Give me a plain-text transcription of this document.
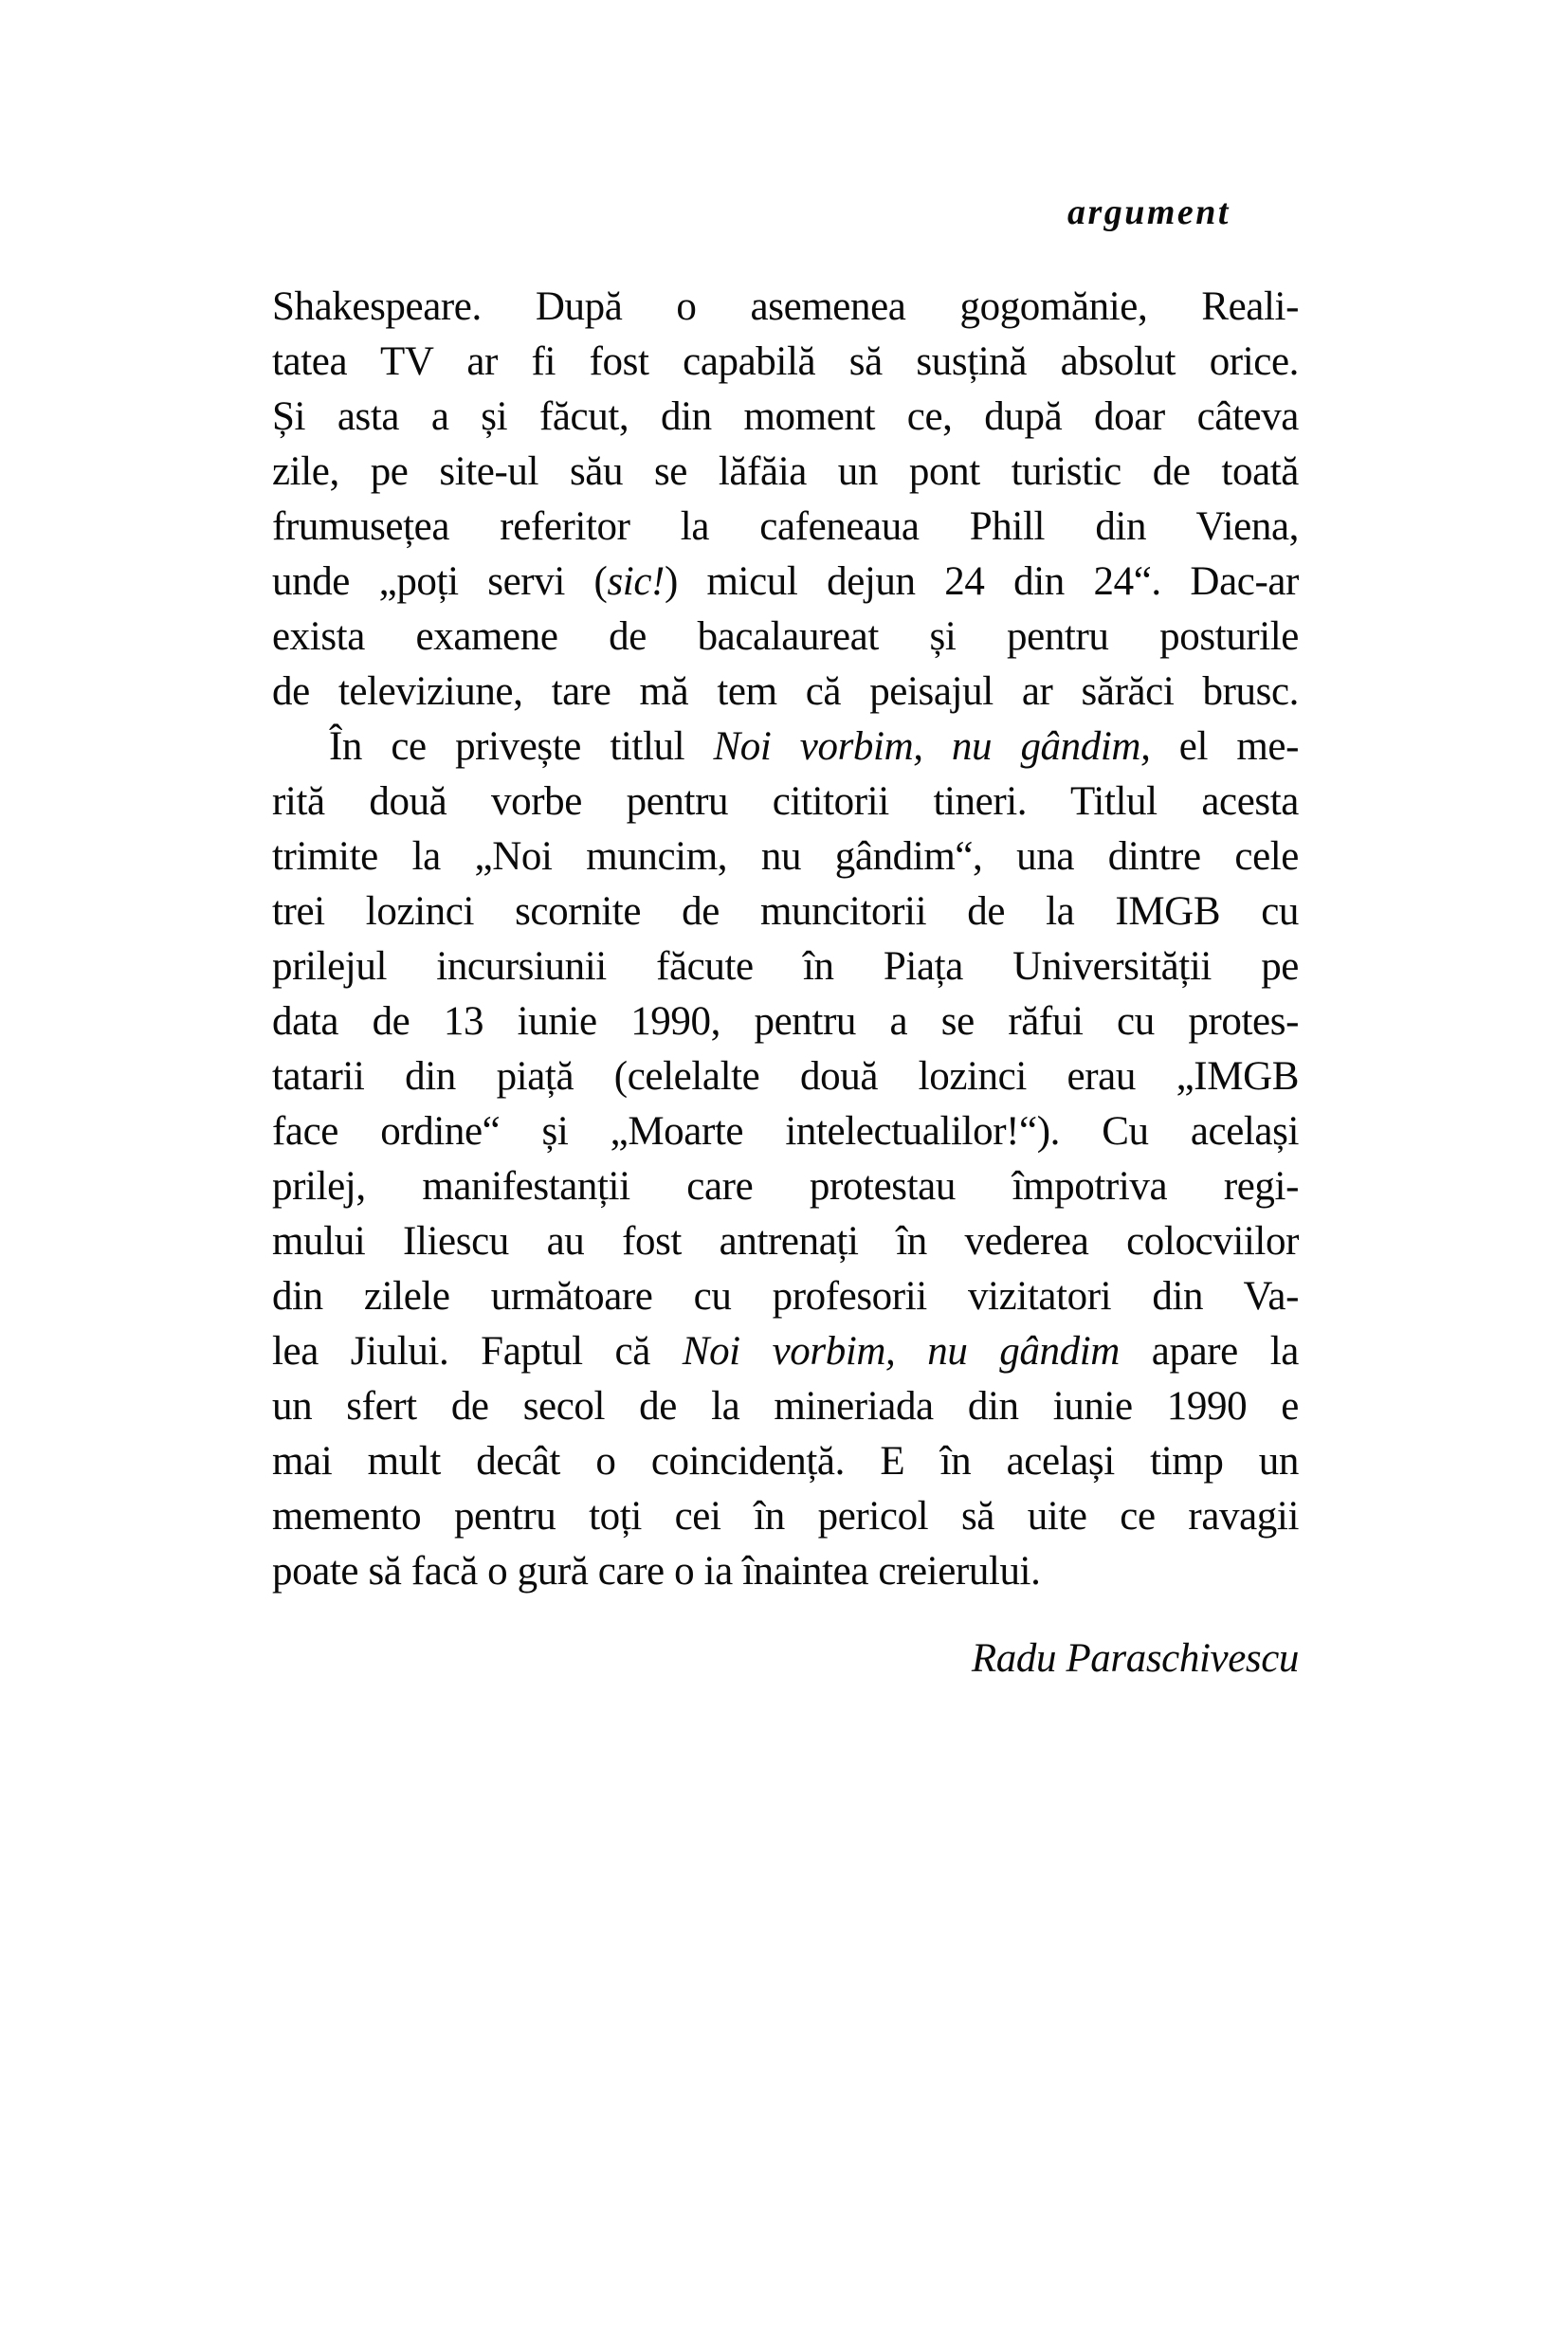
argument
Shakespeare. După o asemenea gogomănie, Reali-
tatea TV ar fi fost capabilă să susțină absolut orice.
Și asta a și făcut, din moment ce, după doar câteva
zile, pe site-ul său se lăfăia un pont turistic de toată
frumusețea referitor la cafeneaua Phill din Viena,
unde „poți servi (sic!) micul dejun 24 din 24“. Dac-ar
exista examene de bacalaureat și pentru posturile
de televiziune, tare mă tem că peisajul ar sărăci brusc.
În ce privește titlul Noi vorbim, nu gândim, el me-
rită două vorbe pentru cititorii tineri. Titlul acesta
trimite la „Noi muncim, nu gândim“, una dintre cele
trei lozinci scornite de muncitorii de la IMGB cu
prilejul incursiunii făcute în Piața Universității pe
data de 13 iunie 1990, pentru a se răfui cu protes-
tatarii din piață (celelalte două lozinci erau „IMGB
face ordine“ și „Moarte intelectualilor!“). Cu același
prilej, manifestanții care protestau împotriva regi-
mului Iliescu au fost antrenați în vederea colocviilor
din zilele următoare cu profesorii vizitatori din Va-
lea Jiului. Faptul că Noi vorbim, nu gândim apare la
un sfert de secol de la mineriada din iunie 1990 e
mai mult decât o coincidență. E în același timp un
memento pentru toți cei în pericol să uite ce ravagii
poate să facă o gură care o ia înaintea creierului.
Radu Paraschivescu
